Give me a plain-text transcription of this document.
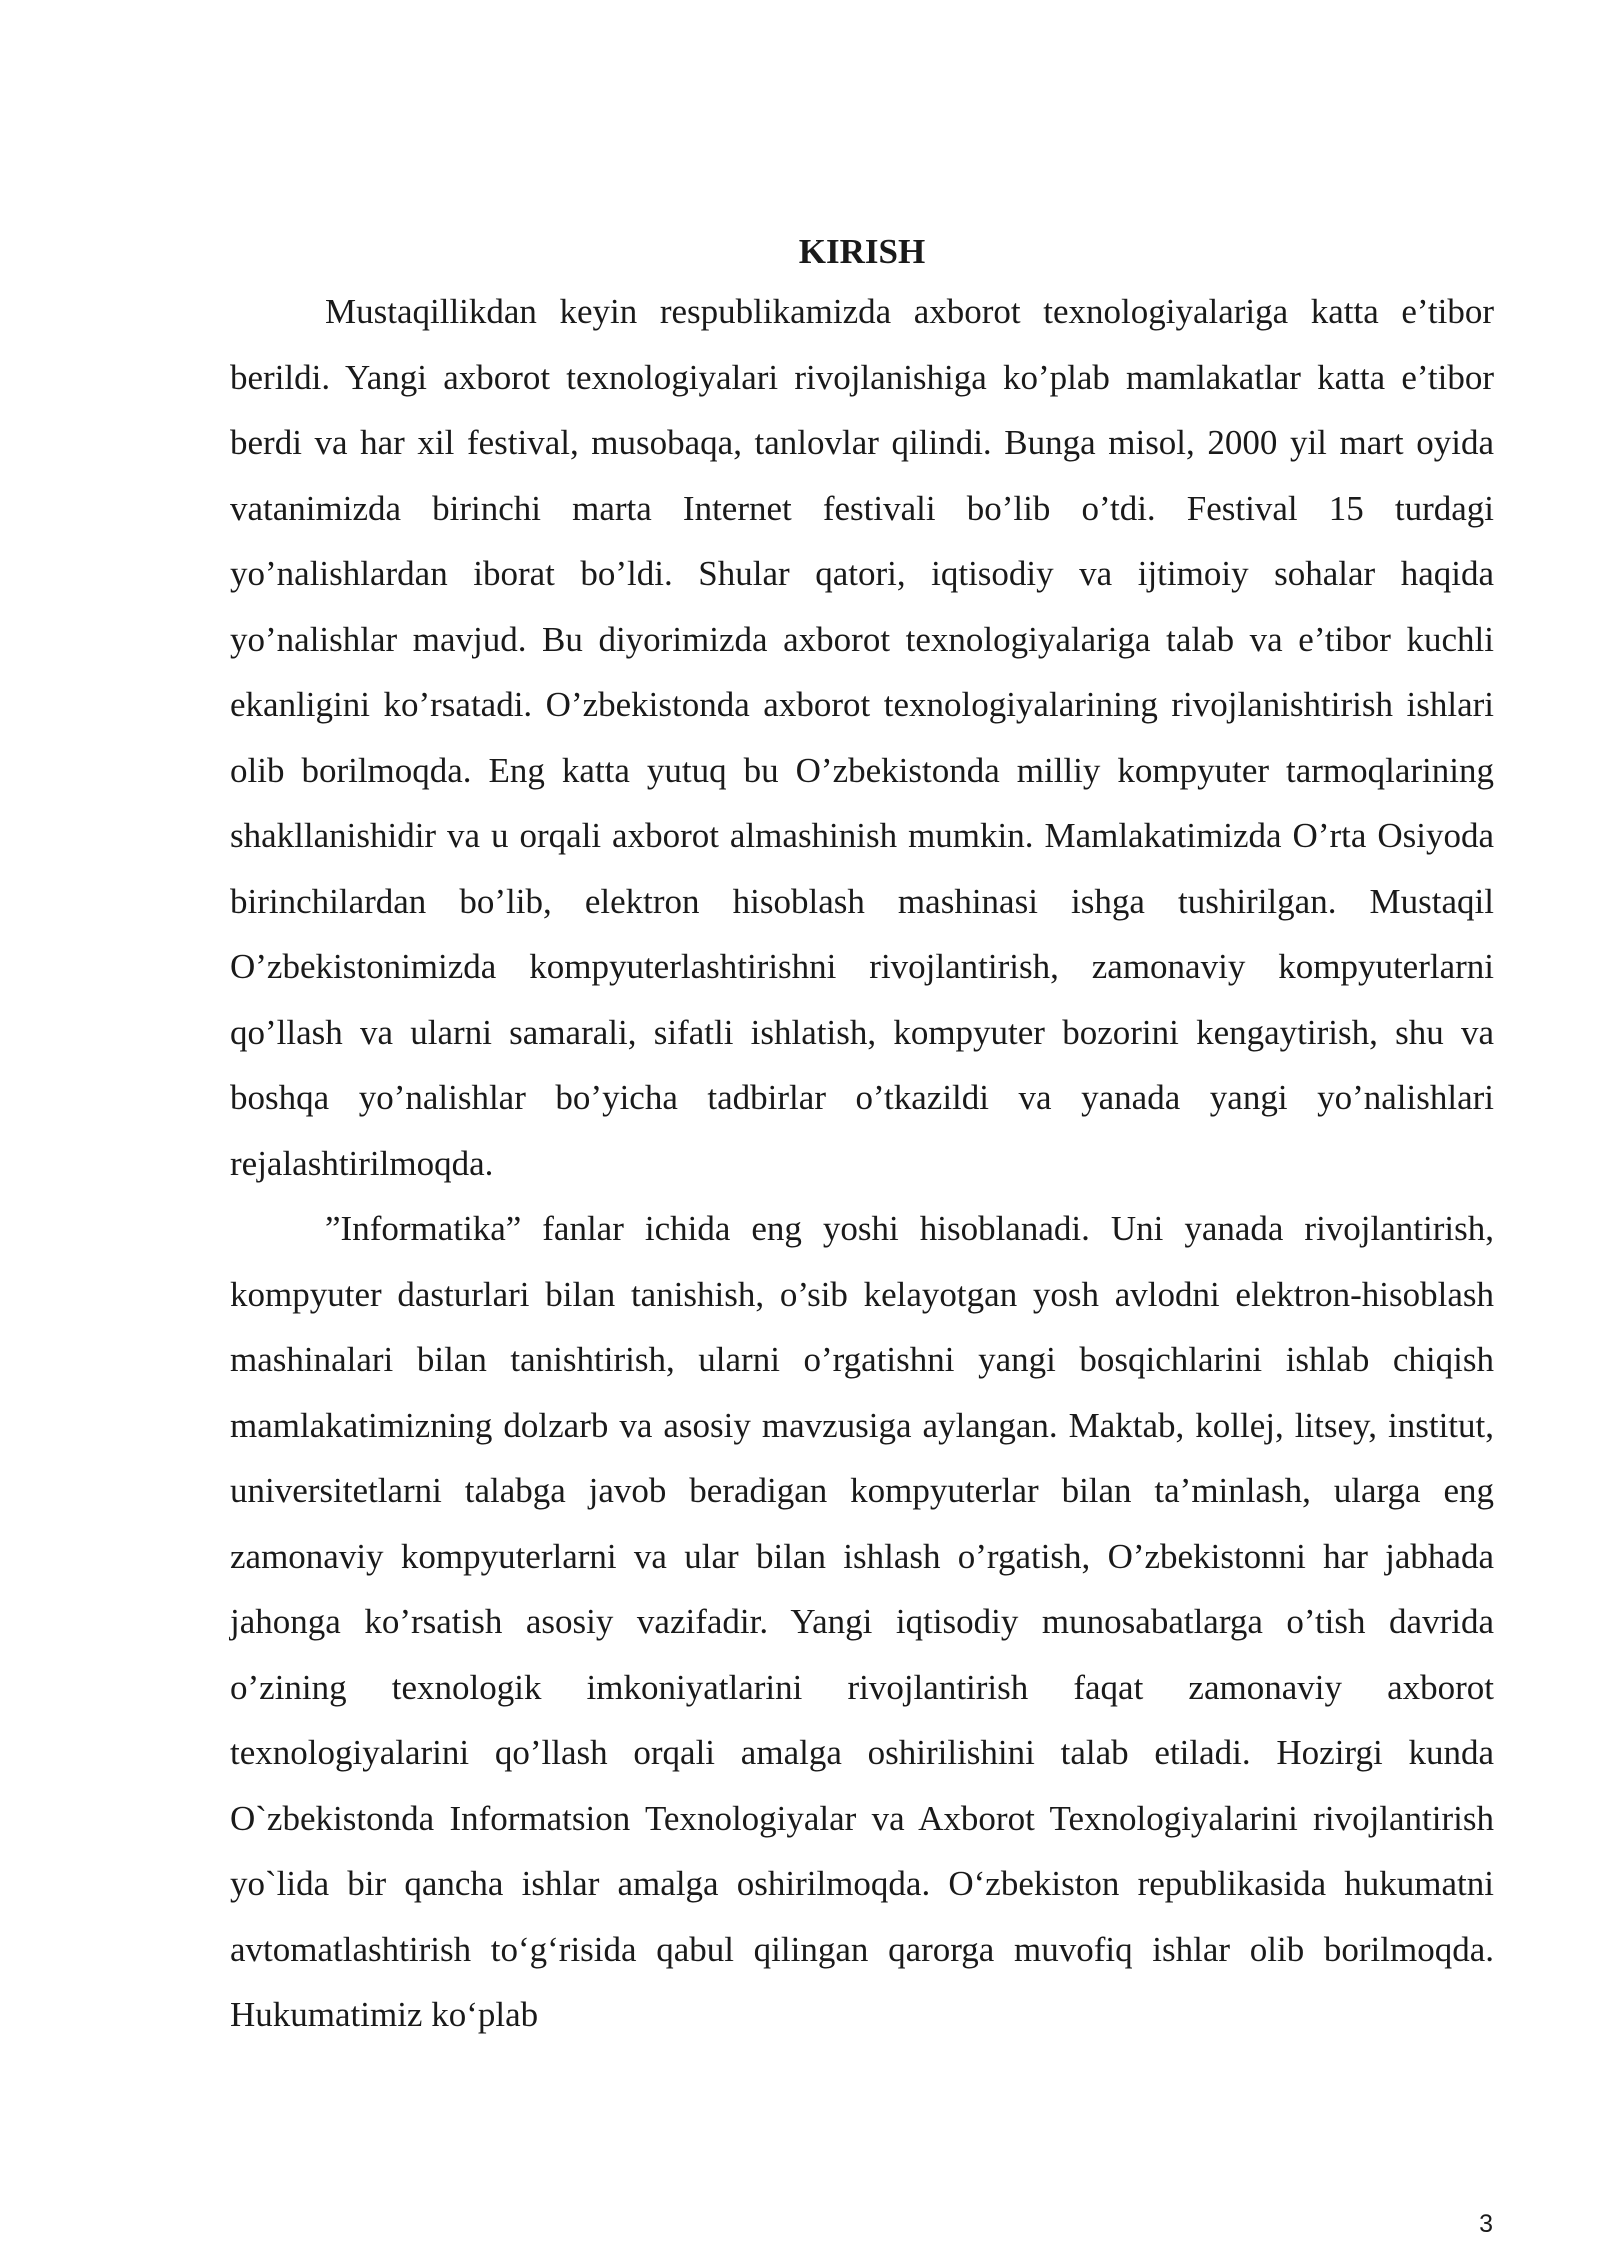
KIRISH

Mustaqillikdan keyin respublikamizda axborot texnologiyalariga katta e’tibor berildi. Yangi axborot texnologiyalari rivojlanishiga ko’plab mamlakatlar katta e’tibor berdi va har xil festival, musobaqa, tanlovlar qilindi. Bunga misol, 2000 yil mart oyida vatanimizda birinchi marta Internet festivali bo’lib o’tdi. Festival 15 turdagi yo’nalishlardan iborat bo’ldi. Shular qatori, iqtisodiy va ijtimoiy sohalar haqida yo’nalishlar mavjud. Bu diyorimizda axborot texnologiyalariga talab va e’tibor kuchli ekanligini ko’rsatadi. O’zbekistonda axborot texnologiyalarining rivojlanishtirish ishlari olib borilmoqda. Eng katta yutuq bu O’zbekistonda milliy kompyuter tarmoqlarining shakllanishidir va u orqali axborot almashinish mumkin. Mamlakatimizda O’rta Osiyoda birinchilardan bo’lib, elektron hisoblash mashinasi ishga tushirilgan. Mustaqil O’zbekistonimizda kompyuterlashtirishni rivojlantirish, zamonaviy kompyuterlarni qo’llash va ularni samarali, sifatli ishlatish, kompyuter bozorini kengaytirish, shu va boshqa yo’nalishlar bo’yicha tadbirlar o’tkazildi va yanada yangi yo’nalishlari rejalashtirilmoqda.

”Informatika” fanlar ichida eng yoshi hisoblanadi. Uni yanada rivojlantirish, kompyuter dasturlari bilan tanishish, o’sib kelayotgan yosh avlodni elektron-hisoblash mashinalari bilan tanishtirish, ularni o’rgatishni yangi bosqichlarini ishlab chiqish mamlakatimizning dolzarb va asosiy mavzusiga aylangan. Maktab, kollej, litsey, institut, universitetlarni talabga javob beradigan kompyuterlar bilan ta’minlash, ularga eng zamonaviy kompyuterlarni va ular bilan ishlash o’rgatish, O’zbekistonni har jabhada jahonga ko’rsatish asosiy vazifadir. Yangi iqtisodiy munosabatlarga o’tish davrida o’zining texnologik imkoniyatlarini rivojlantirish faqat zamonaviy axborot texnologiyalarini qo’llash orqali amalga oshirilishini talab etiladi. Hozirgi kunda O`zbekistonda Informatsion Texnologiyalar va Axborot Texnologiyalarini rivojlantirish yo`lida bir qancha ishlar amalga oshirilmoqda. O‘zbekiston republikasida hukumatni avtomatlashtirish to‘g‘risida qabul qilingan qarorga muvofiq ishlar olib borilmoqda. Hukumatimiz ko‘plab

3
